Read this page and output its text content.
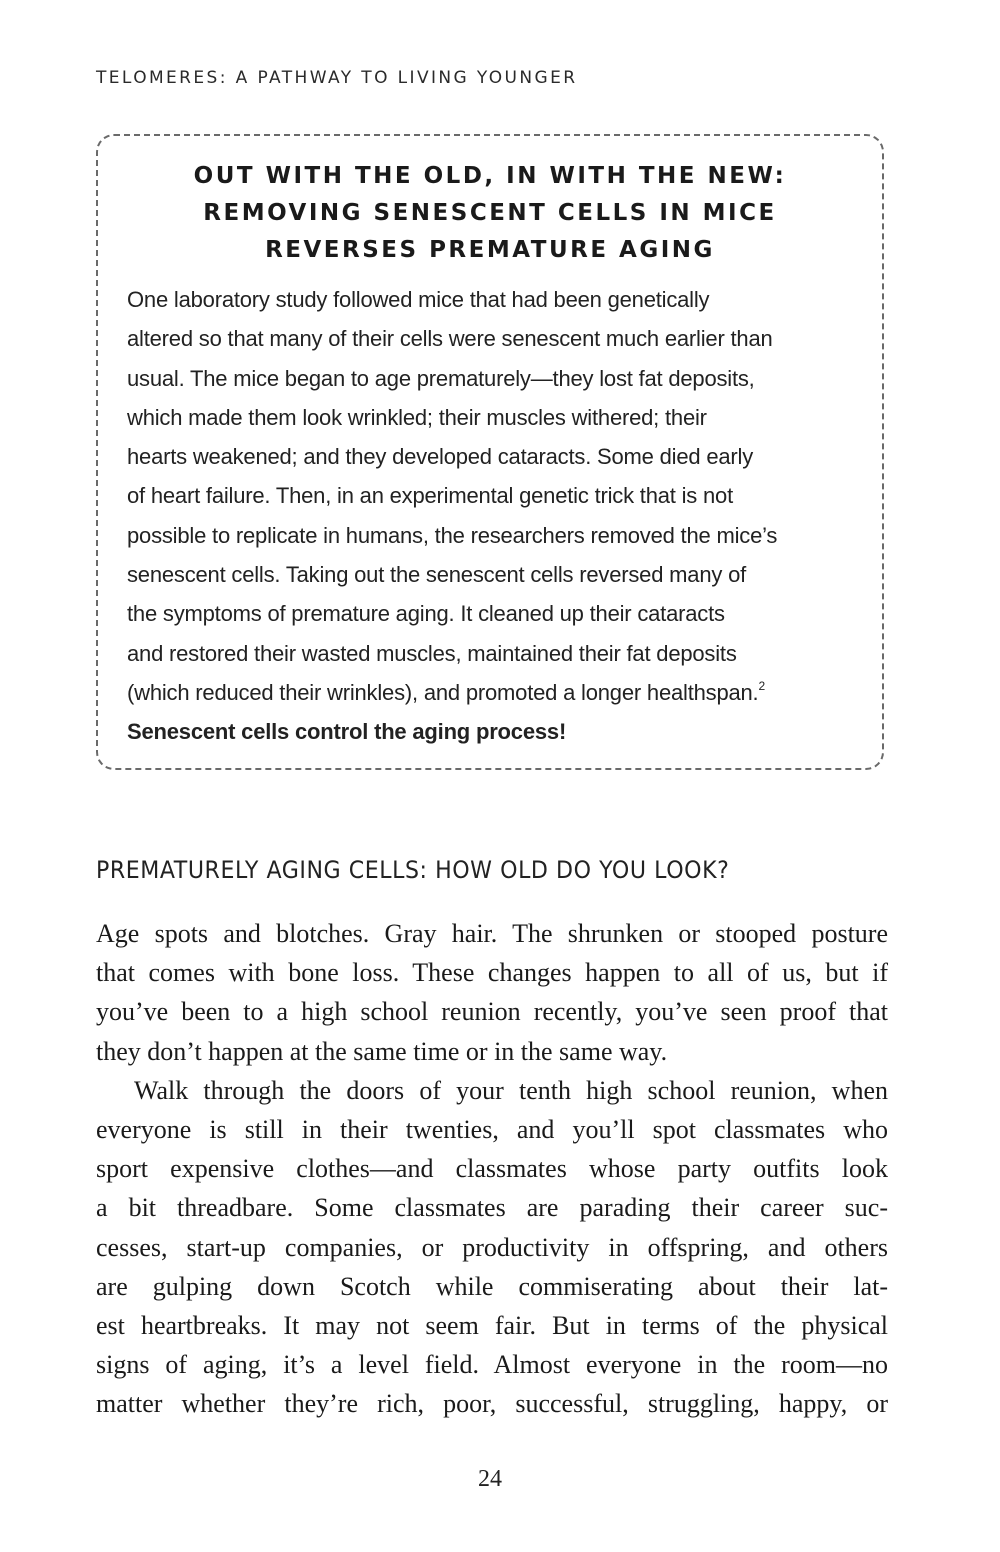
TELOMERES: A PATHWAY TO LIVING YOUNGER
OUT WITH THE OLD, IN WITH THE NEW:
REMOVING SENESCENT CELLS IN MICE
REVERSES PREMATURE AGING
One laboratory study followed mice that had been genetically
altered so that many of their cells were senescent much earlier than
usual. The mice began to age prematurely—they lost fat deposits,
which made them look wrinkled; their muscles withered; their
hearts weakened; and they developed cataracts. Some died early
of heart failure. Then, in an experimental genetic trick that is not
possible to replicate in humans, the researchers removed the mice’s
senescent cells. Taking out the senescent cells reversed many of
the symptoms of premature aging. It cleaned up their cataracts
and restored their wasted muscles, maintained their fat deposits
(which reduced their wrinkles), and promoted a longer healthspan.$^2$
Senescent cells control the aging process!
PREMATURELY AGING CELLS: HOW OLD DO YOU LOOK?
Age spots and blotches. Gray hair. The shrunken or stooped posture
that comes with bone loss. These changes happen to all of us, but if
you’ve been to a high school reunion recently, you’ve seen proof that
they don’t happen at the same time or in the same way.
Walk through the doors of your tenth high school reunion, when
everyone is still in their twenties, and you’ll spot classmates who
sport expensive clothes—and classmates whose party outfits look
a bit threadbare. Some classmates are parading their career suc-
cesses, start-up companies, or productivity in offspring, and others
are gulping down Scotch while commiserating about their lat-
est heartbreaks. It may not seem fair. But in terms of the physical
signs of aging, it’s a level field. Almost everyone in the room—no
matter whether they’re rich, poor, successful, struggling, happy, or
24
